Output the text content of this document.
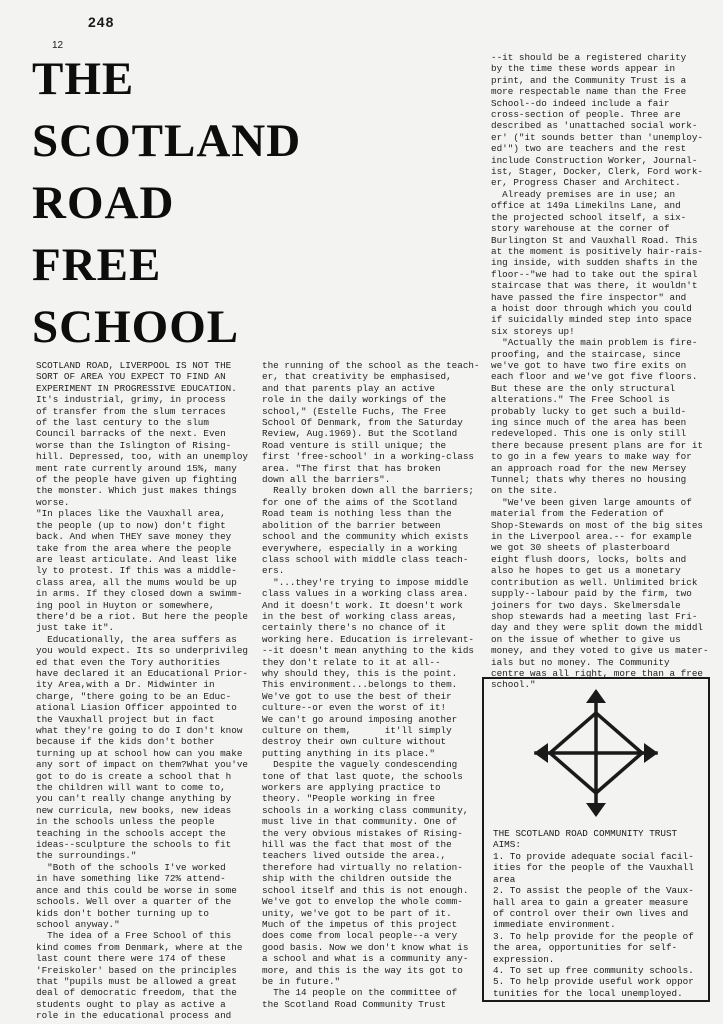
248
12
THE
SCOTLAND
ROAD
FREE
SCHOOL
SCOTLAND ROAD, LIVERPOOL IS NOT THE
SORT OF AREA YOU EXPECT TO FIND AN
EXPERIMENT IN PROGRESSIVE EDUCATION.
It's industrial, grimy, in process
of transfer from the slum terraces
of the last century to the slum
Council barracks of the next. Even
worse than the Islington of Rising-
hill. Depressed, too, with an unemploy
ment rate currently around 15%, many
of the people have given up fighting
the monster. Which just makes things
worse.
"In places like the Vauxhall area,
the people (up to now) don't fight
back. And when THEY save money they
take from the area where the people
are least articulate. And least like
ly to protest. If this was a middle-
class area, all the mums would be up
in arms. If they closed down a swimm-
ing pool in Huyton or somewhere,
there'd be a riot. But here the people
just take it".
Educationally, the area suffers as
you would expect. Its so underprivileg
ed that even the Tory authorities
have declared it an Educational Prior-
ity Area,with a Dr. Midwinter in
charge, "there going to be an Educ-
ational Liasion Officer appointed to
the Vauxhall project but in fact
what they're going to do I don't know
because if the kids don't bother
turning up at school how can you make
any sort of impact on them?What you've
got to do is create a school that h
the children will want to come to,
you can't really change anything by
new curricula, new books, new ideas
in the schools unless the people
teaching in the schools accept the
ideas--sculpture the schools to fit
the surroundings."
"Both of the schools I've worked
in have something like 72% attend-
ance and this could be worse in some
schools. Well over a quarter of the
kids don't bother turning up to
school anyway."
The idea of a Free School of this
kind comes from Denmark, where at the
last count there were 174 of these
'Freiskoler' based on the principles
that "pupils must be allowed a great
deal of democratic freedom, that the
students ought to play as active a
role in the educational process and
the running of the school as the teach-
er, that creativity be emphasised,
and that parents play an active
role in the daily workings of the
school," (Estelle Fuchs, The Free
School Of Denmark, from the Saturday
Review, Aug.1969). But the Scotland
Road venture is still unique; the
first 'free-school' in a working-class
area. "The first that has broken
down all the barriers".
Really broken down all the barriers;
for one of the aims of the Scotland
Road team is nothing less than the
abolition of the barrier between
school and the community which exists
everywhere, especially in a working
class school with middle class teach-
ers.
"...they're trying to impose middle
class values in a working class area.
And it doesn't work. It doesn't work
in the best of working class areas,
certainly there's no chance of it
working here. Education is irrelevant-
--it doesn't mean anything to the kids
they don't relate to it at all--
why should they, this is the point.
This environment...belongs to them.
We've got to use the best of their
culture--or even the worst of it!
We can't go around imposing another
culture on them,      it'll simply
destroy their own culture without
putting anything in its place."
Despite the vaguely condescending
tone of that last quote, the schools
workers are applying practice to
theory. "People working in free
schools in a working class community,
must live in that community. One of
the very obvious mistakes of Rising-
hill was the fact that most of the
teachers lived outside the area.,
therefore had virtually no relation-
ship with the children outside the
school itself and this is not enough.
We've got to envelop the whole comm-
unity, we've got to be part of it.
Much of the impetus of this project
does come from local people--a very
good basis. Now we don't know what is
a school and what is a community any-
more, and this is the way its got to
be in future."
The 14 people on the committee of
the Scotland Road Community Trust
--it should be a registered charity
by the time these words appear in
print, and the Community Trust is a
more respectable name than the Free
School--do indeed include a fair
cross-section of people. Three are
described as 'unattached social work-
er' ("it sounds better than 'unemploy-
ed'") two are teachers and the rest
include Construction Worker, Journal-
ist, Stager, Docker, Clerk, Ford work-
er, Progress Chaser and Architect.
Already premises are in use; an
office at 149a Limekilns Lane, and
the projected school itself, a six-
story warehouse at the corner of
Burlington St and Vauxhall Road. This
at the moment is positively hair-rais-
ing inside, with sudden shafts in the
floor--"we had to take out the spiral
staircase that was there, it wouldn't
have passed the fire inspector" and
a hoist door through which you could
if suicidally minded step into space
six storeys up!
"Actually the main problem is fire-
proofing, and the staircase, since
we've got to have two fire exits on
each floor and we've got five floors.
But these are the only structural
alterations." The Free School is
probably lucky to get such a build-
ing since much of the area has been
redeveloped. This one is only still
there because present plans are for it
to go in a few years to make way for
an approach road for the new Mersey
Tunnel; thats why theres no housing
on the site.
"We've been given large amounts of
material from the Federation of
Shop-Stewards on most of the big sites
in the Liverpool area.-- for example
we got 30 sheets of plasterboard
eight flush doors, locks, bolts and
also he hopes to get us a monetary
contribution as well. Unlimited brick
supply--labour paid by the firm, two
joiners for two days. Skelmersdale
shop stewards had a meeting last Fri-
day and they were split down the middl
on the issue of whether to give us
money, and they voted to give us mater-
ials but no money. The Community
centre was all right, more than a free
school."
THE SCOTLAND ROAD COMMUNITY TRUST
AIMS:
1. To provide adequate social facil-
ities for the people of the Vauxhall
area
2. To assist the people of the Vaux-
hall area to gain a greater measure
of control over their own lives and
immediate environment.
3. To help provide for the people of
the area, opportunities for self-
expression.
4. To set up free community schools.
5. To help provide useful work oppor
tunities for the local unemployed.
